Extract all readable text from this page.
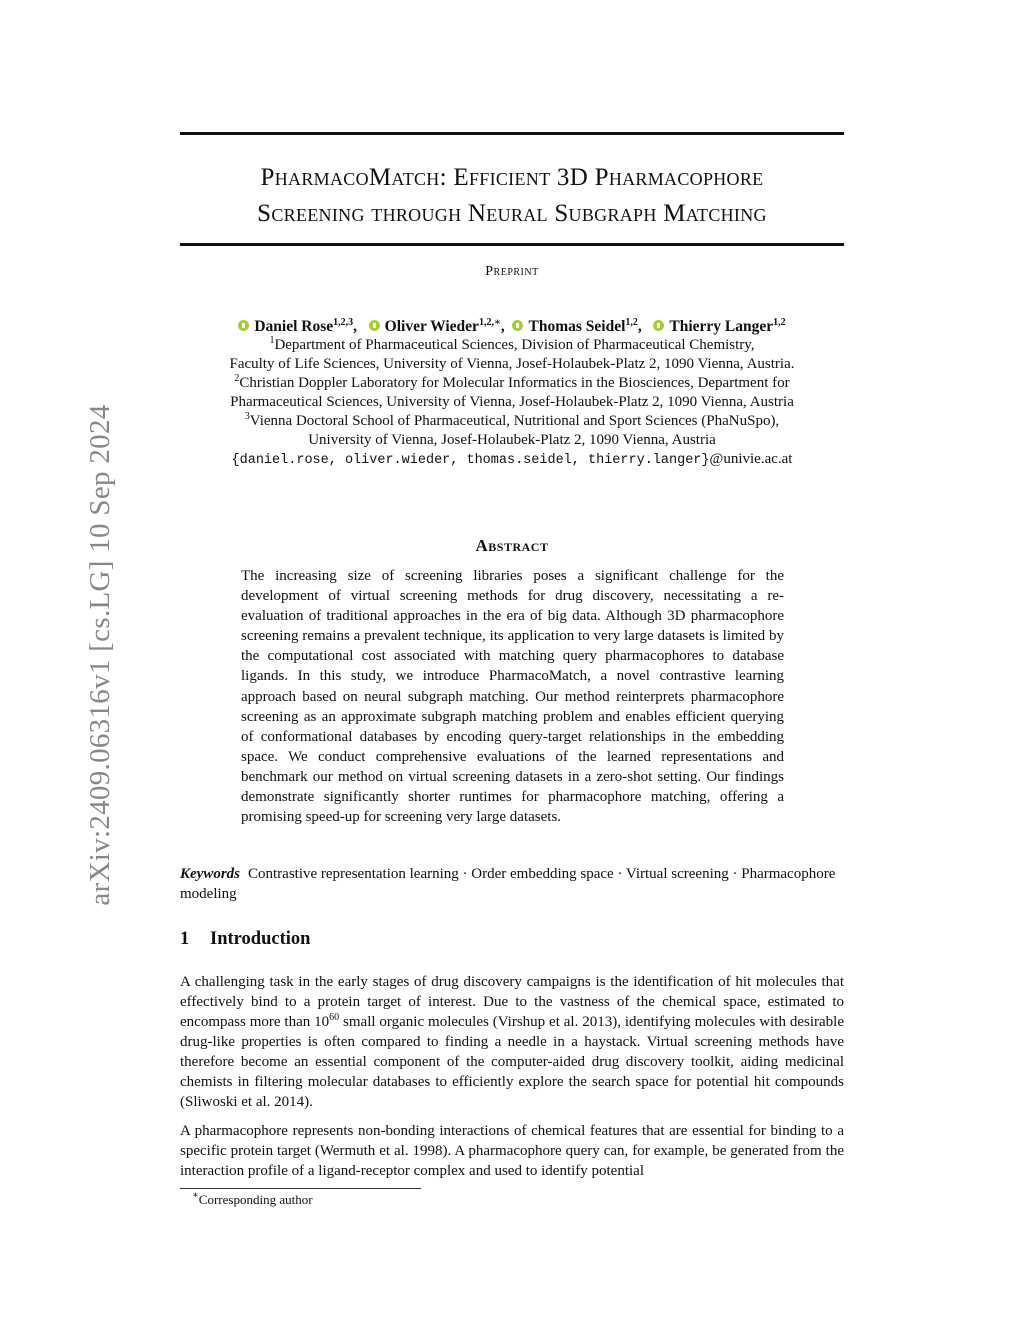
arXiv:2409.06316v1 [cs.LG] 10 Sep 2024
PharmacoMatch: Efficient 3D Pharmacophore
Screening through Neural Subgraph Matching
Preprint
Daniel Rose$^{1,2,3}$, Oliver Wieder$^{1,2,∗}$, Thomas Seidel$^{1,2}$, Thierry Langer$^{1,2}$
$^1$Department of Pharmaceutical Sciences, Division of Pharmaceutical Chemistry,
Faculty of Life Sciences, University of Vienna, Josef-Holaubek-Platz 2, 1090 Vienna, Austria.
$^2$Christian Doppler Laboratory for Molecular Informatics in the Biosciences, Department for
Pharmaceutical Sciences, University of Vienna, Josef-Holaubek-Platz 2, 1090 Vienna, Austria
$^3$Vienna Doctoral School of Pharmaceutical, Nutritional and Sport Sciences (PhaNuSpo),
University of Vienna, Josef-Holaubek-Platz 2, 1090 Vienna, Austria
{daniel.rose, oliver.wieder, thomas.seidel, thierry.langer}@univie.ac.at
Abstract

The increasing size of screening libraries poses a significant challenge for the development of virtual screening methods for drug discovery, necessitating a re-evaluation of traditional approaches in the era of big data. Although 3D pharmacophore screening remains a prevalent technique, its application to very large datasets is limited by the computational cost associated with matching query pharmacophores to database ligands. In this study, we introduce PharmacoMatch, a novel contrastive learning approach based on neural subgraph matching. Our method reinterprets pharmacophore screening as an approximate subgraph matching problem and enables efficient querying of conformational databases by encoding query-target relationships in the embedding space. We conduct comprehensive evaluations of the learned representations and benchmark our method on virtual screening datasets in a zero-shot setting. Our findings demonstrate significantly shorter runtimes for pharmacophore matching, offering a promising speed-up for screening very large datasets.

Keywords Contrastive representation learning · Order embedding space · Virtual screening · Pharmacophore modeling

1 Introduction

A challenging task in the early stages of drug discovery campaigns is the identification of hit molecules that effectively bind to a protein target of interest. Due to the vastness of the chemical space, estimated to encompass more than $10^{60}$ small organic molecules (Virshup et al. 2013), identifying molecules with desirable drug-like properties is often compared to finding a needle in a haystack. Virtual screening methods have therefore become an essential component of the computer-aided drug discovery toolkit, aiding medicinal chemists in filtering molecular databases to efficiently explore the search space for potential hit compounds (Sliwoski et al. 2014).

A pharmacophore represents non-bonding interactions of chemical features that are essential for binding to a specific protein target (Wermuth et al. 1998). A pharmacophore query can, for example, be generated from the interaction profile of a ligand-receptor complex and used to identify potential

∗Corresponding author
